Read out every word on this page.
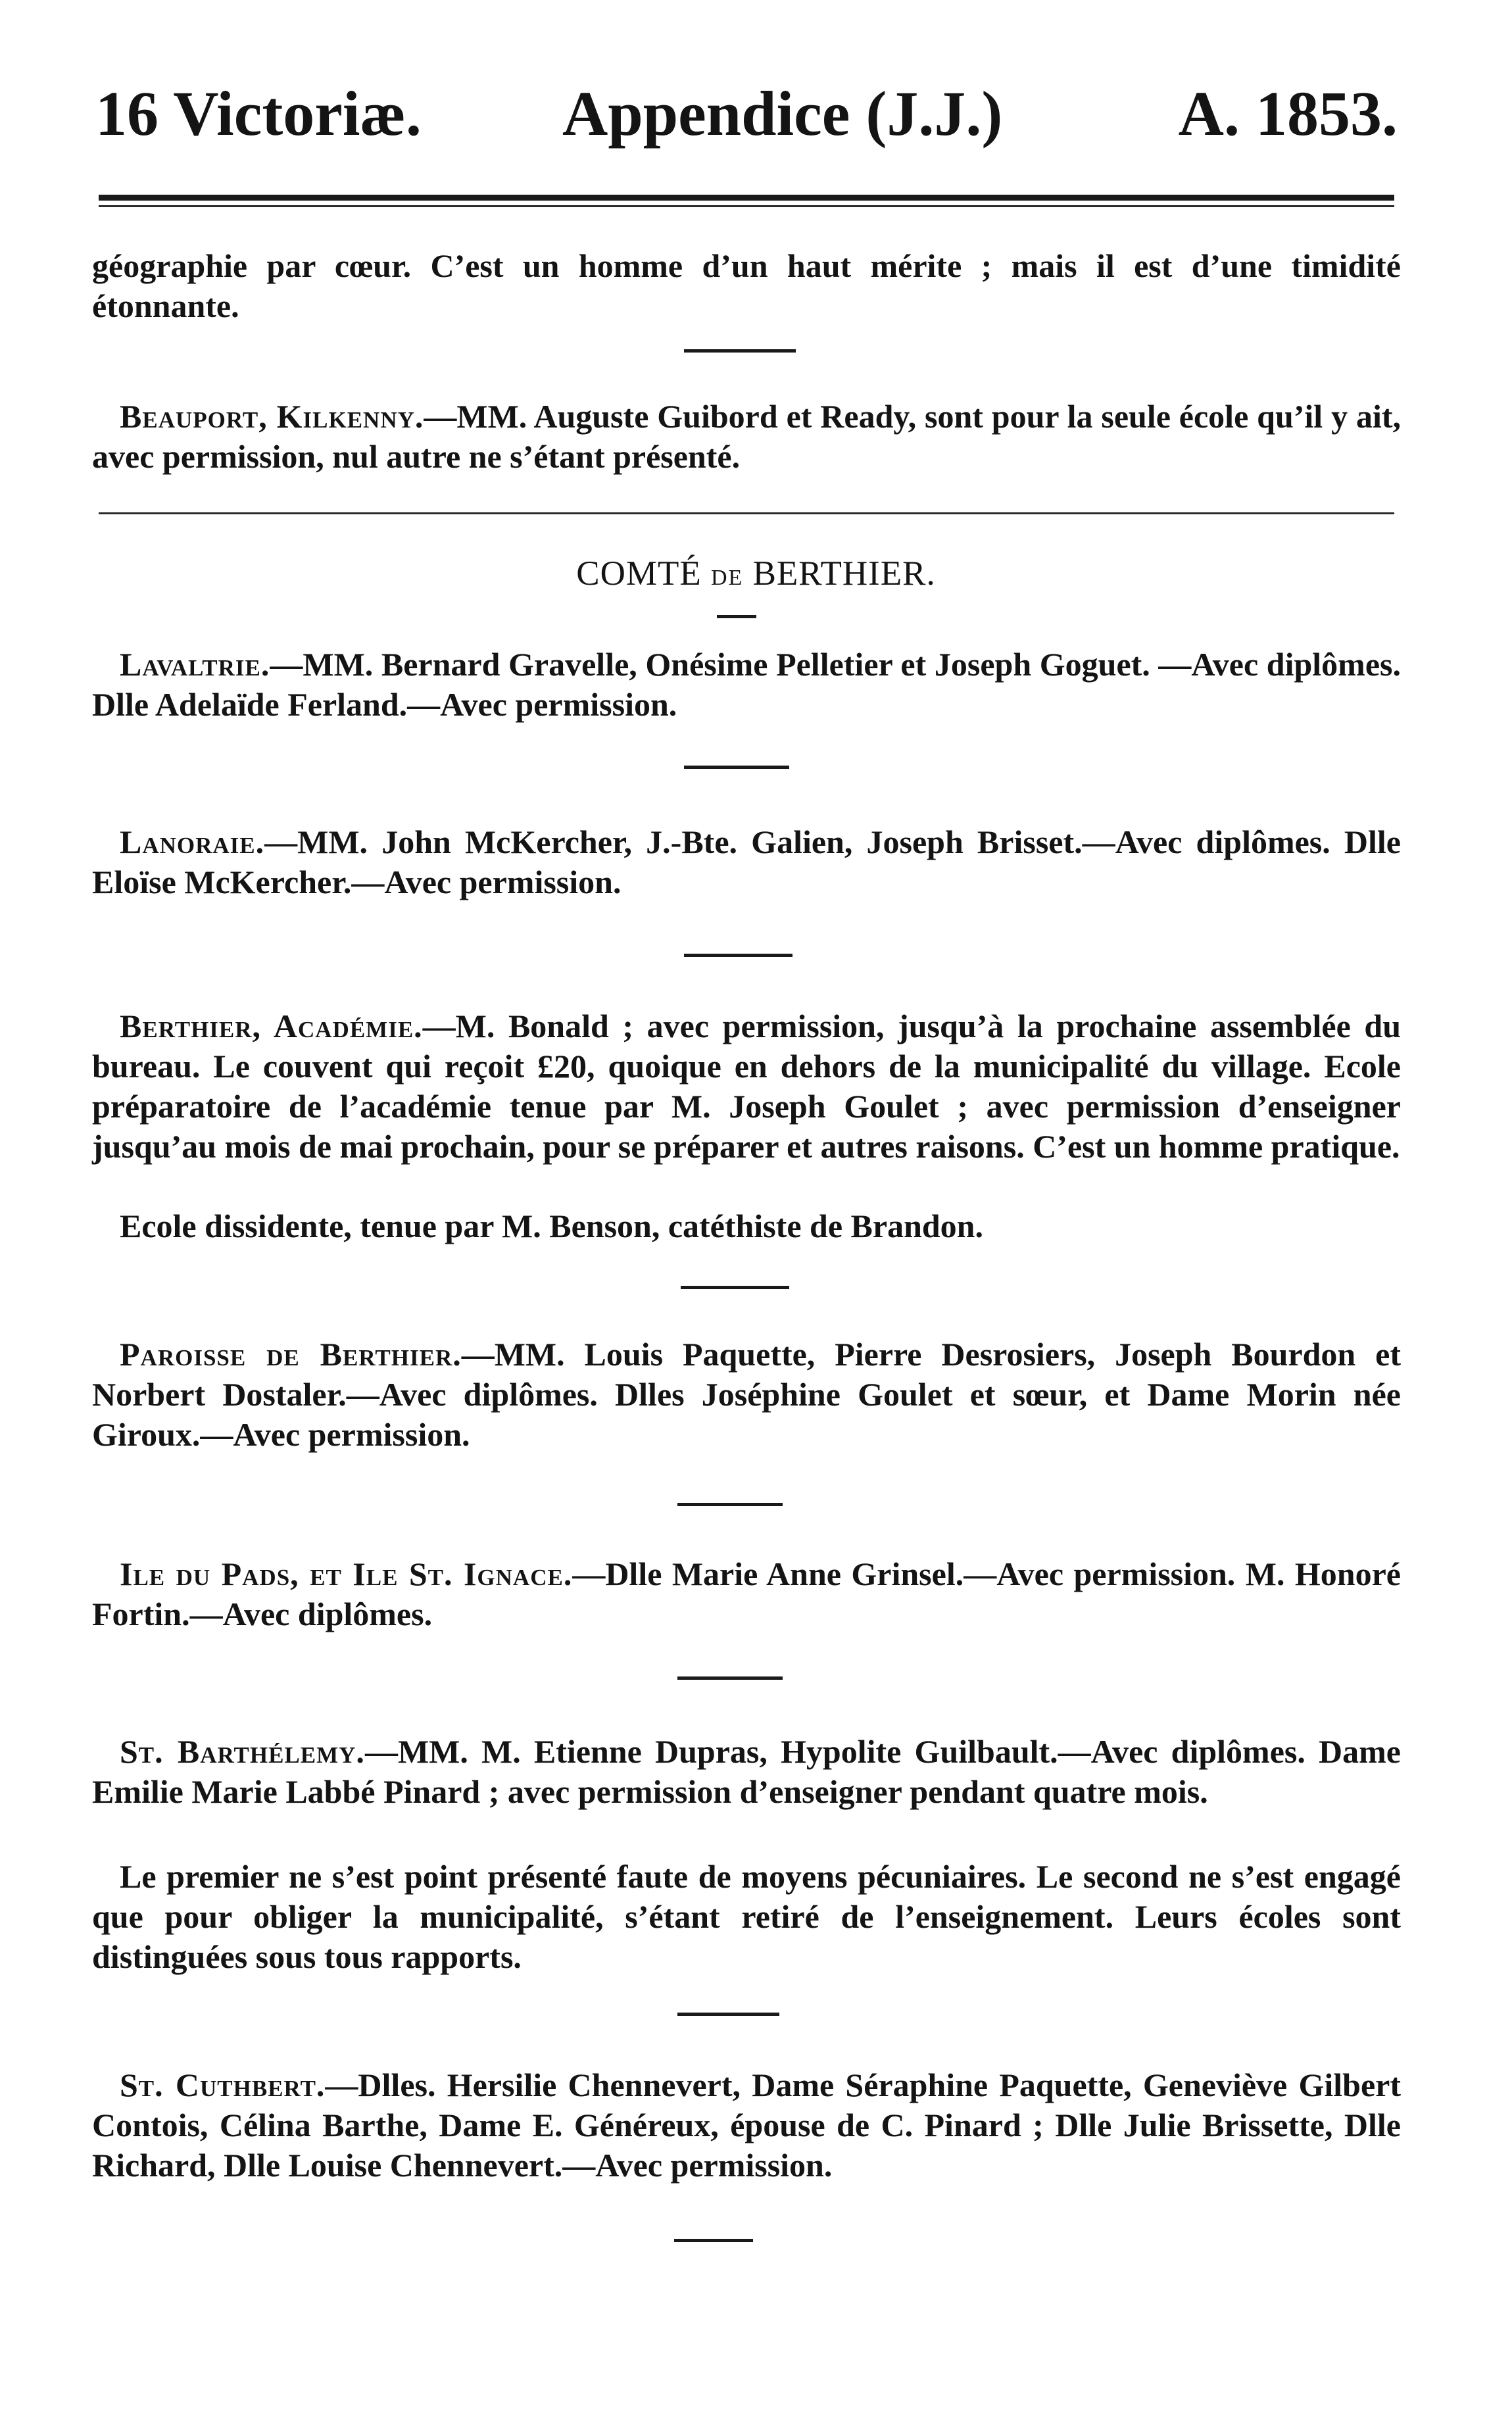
16 Victoriæ. Appendice (J.J.)	A. 1853.
géographie par cœur. C’est un homme d’un haut mérite ; mais il est d’une timidité étonnante.
Beauport, Kilkenny.—MM. Auguste Guibord et Ready, sont pour la seule école qu’il y ait, avec permission, nul autre ne s’étant présenté.
COMTÉ DE BERTHIER.
Lavaltrie.—MM. Bernard Gravelle, Onésime Pelletier et Joseph Goguet. —Avec diplômes. Dlle Adelaïde Ferland.—Avec permission.
Lanoraie.—MM. John McKercher, J.-Bte. Galien, Joseph Brisset.—Avec diplômes. Dlle Eloïse McKercher.—Avec permission.
Berthier, Académie.—M. Bonald ; avec permission, jusqu’à la prochaine assemblée du bureau. Le couvent qui reçoit £20, quoique en dehors de la municipalité du village. Ecole préparatoire de l’académie tenue par M. Joseph Goulet ; avec permission d’enseigner jusqu’au mois de mai prochain, pour se préparer et autres raisons. C’est un homme pratique.
Ecole dissidente, tenue par M. Benson, catéthiste de Brandon.
Paroisse de Berthier.—MM. Louis Paquette, Pierre Desrosiers, Joseph Bourdon et Norbert Dostaler.—Avec diplômes. Dlles Joséphine Goulet et sœur, et Dame Morin née Giroux.—Avec permission.
Ile du Pads, et Ile St. Ignace.—Dlle Marie Anne Grinsel.—Avec permission. M. Honoré Fortin.—Avec diplômes.
St. Barthélemy.—MM. M. Etienne Dupras, Hypolite Guilbault.—Avec diplômes. Dame Emilie Marie Labbé Pinard ; avec permission d’enseigner pendant quatre mois.
Le premier ne s’est point présenté faute de moyens pécuniaires. Le second ne s’est engagé que pour obliger la municipalité, s’étant retiré de l’enseignement. Leurs écoles sont distinguées sous tous rapports.
St. Cuthbert.—Dlles. Hersilie Chennevert, Dame Séraphine Paquette, Geneviève Gilbert Contois, Célina Barthe, Dame E. Généreux, épouse de C. Pinard ; Dlle Julie Brissette, Dlle Richard, Dlle Louise Chennevert.—Avec permission.
